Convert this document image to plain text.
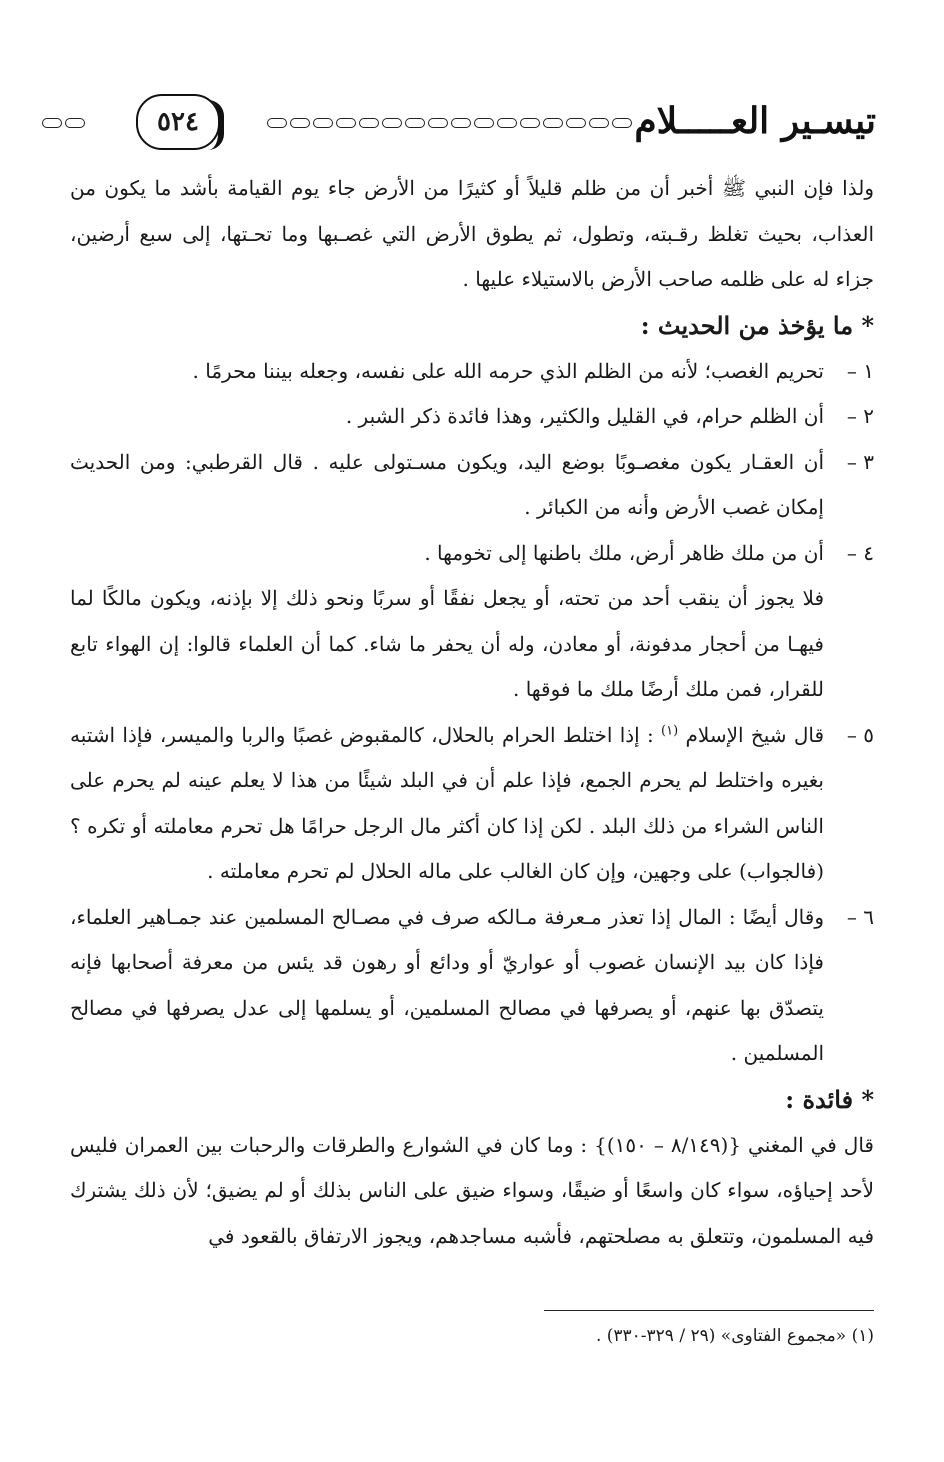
تيسـير العـــــلام
٥٢٤

ولذا فإن النبي ﷺ أخبر أن من ظلم قليلاً أو كثيرًا من الأرض جاء يوم القيامة بأشد ما يكون من العذاب، بحيث تغلظ رقـبته، وتطول، ثم يطوق الأرض التي غصـبها وما تحـتها، إلى سبع أرضين، جزاء له على ظلمه صاحب الأرض بالاستيلاء عليها .

* ما يؤخذ من الحديث :

١ –
تحريم الغصب؛ لأنه من الظلم الذي حرمه الله على نفسه، وجعله بيننا محرمًا .
٢ –
أن الظلم حرام، في القليل والكثير، وهذا فائدة ذكر الشبر .
٣ –
أن العقـار يكون مغصـوبًا بوضع اليد، ويكون مسـتولى عليه . قال القرطبي: ومن الحديث إمكان غصب الأرض وأنه من الكبائر .
٤ –
أن من ملك ظاهر أرض، ملك باطنها إلى تخومها .

فلا يجوز أن ينقب أحد من تحته، أو يجعل نفقًا أو سربًا ونحو ذلك إلا بإذنه، ويكون مالكًا لما فيهـا من أحجار مدفونة، أو معادن، وله أن يحفر ما شاء. كما أن العلماء قالوا: إن الهواء تابع للقرار، فمن ملك أرضًا ملك ما فوقها .

٥ –
قال شيخ الإسلام $^{(١)}$ : إذا اختلط الحرام بالحلال، كالمقبوض غصبًا والربا والميسر، فإذا اشتبه بغيره واختلط لم يحرم الجمع، فإذا علم أن في البلد شيئًا من هذا لا يعلم عينه لم يحرم على الناس الشراء من ذلك البلد . لكن إذا كان أكثر مال الرجل حرامًا هل تحرم معاملته أو تكره ؟ (فالجواب) على وجهين، وإن كان الغالب على ماله الحلال لم تحرم معاملته .
٦ –
وقال أيضًا : المال إذا تعذر مـعرفة مـالكه صرف في مصـالح المسلمين عند جمـاهير العلماء، فإذا كان بيد الإنسان غصوب أو عواريّ أو ودائع أو رهون قد يئس من معرفة أصحابها فإنه يتصدّق بها عنهم، أو يصرفها في مصالح المسلمين، أو يسلمها إلى عدل يصرفها في مصالح المسلمين .

* فائدة :

قال في المغني {(٨/١٤٩ – ١٥٠)} : وما كان في الشوارع والطرقات والرحبات بين العمران فليس لأحد إحياؤه، سواء كان واسعًا أو ضيقًا، وسواء ضيق على الناس بذلك أو لم يضيق؛ لأن ذلك يشترك فيه المسلمون، وتتعلق به مصلحتهم، فأشبه مساجدهم، ويجوز الارتفاق بالقعود في

(١) «مجموع الفتاوى» (٢٩ / ٣٢٩-٣٣٠) .
